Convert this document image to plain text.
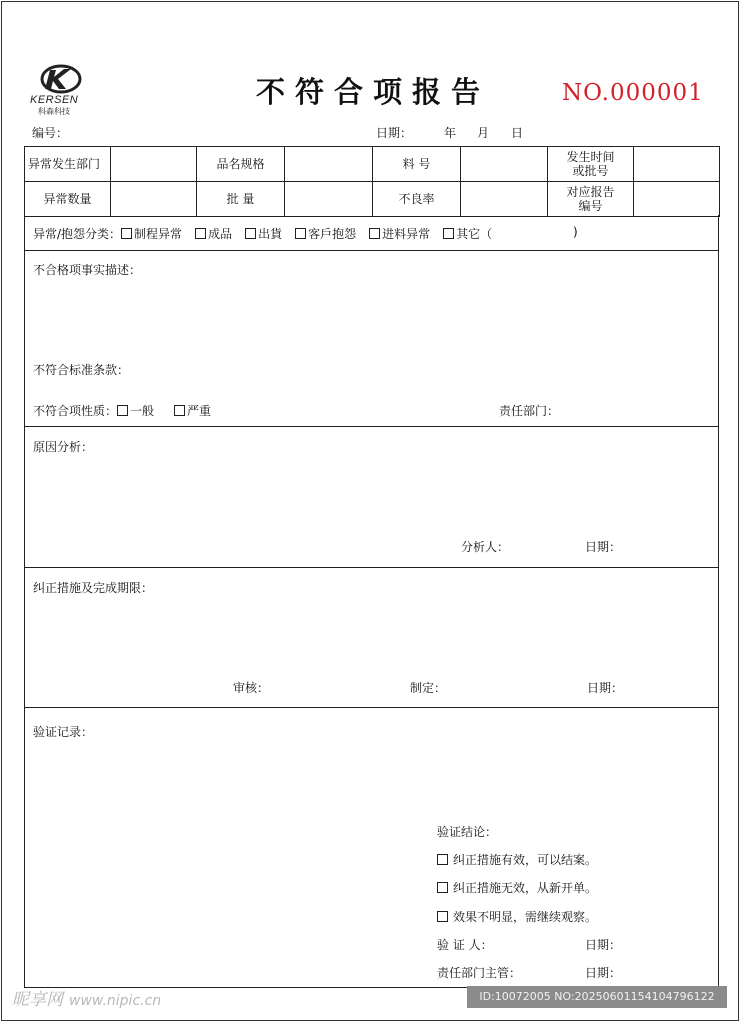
KERSEN
科森科技
不符合项报告	NO.000001
编号：	日期：	年 月 日
异常发生部门		品名规格		料 号		发生时间
或批号	
异常数量		批 量		不良率		对应报告
编号	
异常/抱怨分类： 制程异常 成品 出貨 客戶抱怨 进料异常 其它（	)
不合格项事实描述：
不符合标准条款：
不符合项性质： 一般	严重	责任部门：
原因分析：
分析人：	日期：
纠正措施及完成期限：
审核：	制定：	日期：
验证记录：
验证结论：
纠正措施有效，可以结案。
纠正措施无效，从新开单。
效果不明显，需继续观察。
验 证 人：	日期：
责任部门主管：	日期：
昵享网 www.nipic.cn	ID:10072005 NO:20250601154104796122
